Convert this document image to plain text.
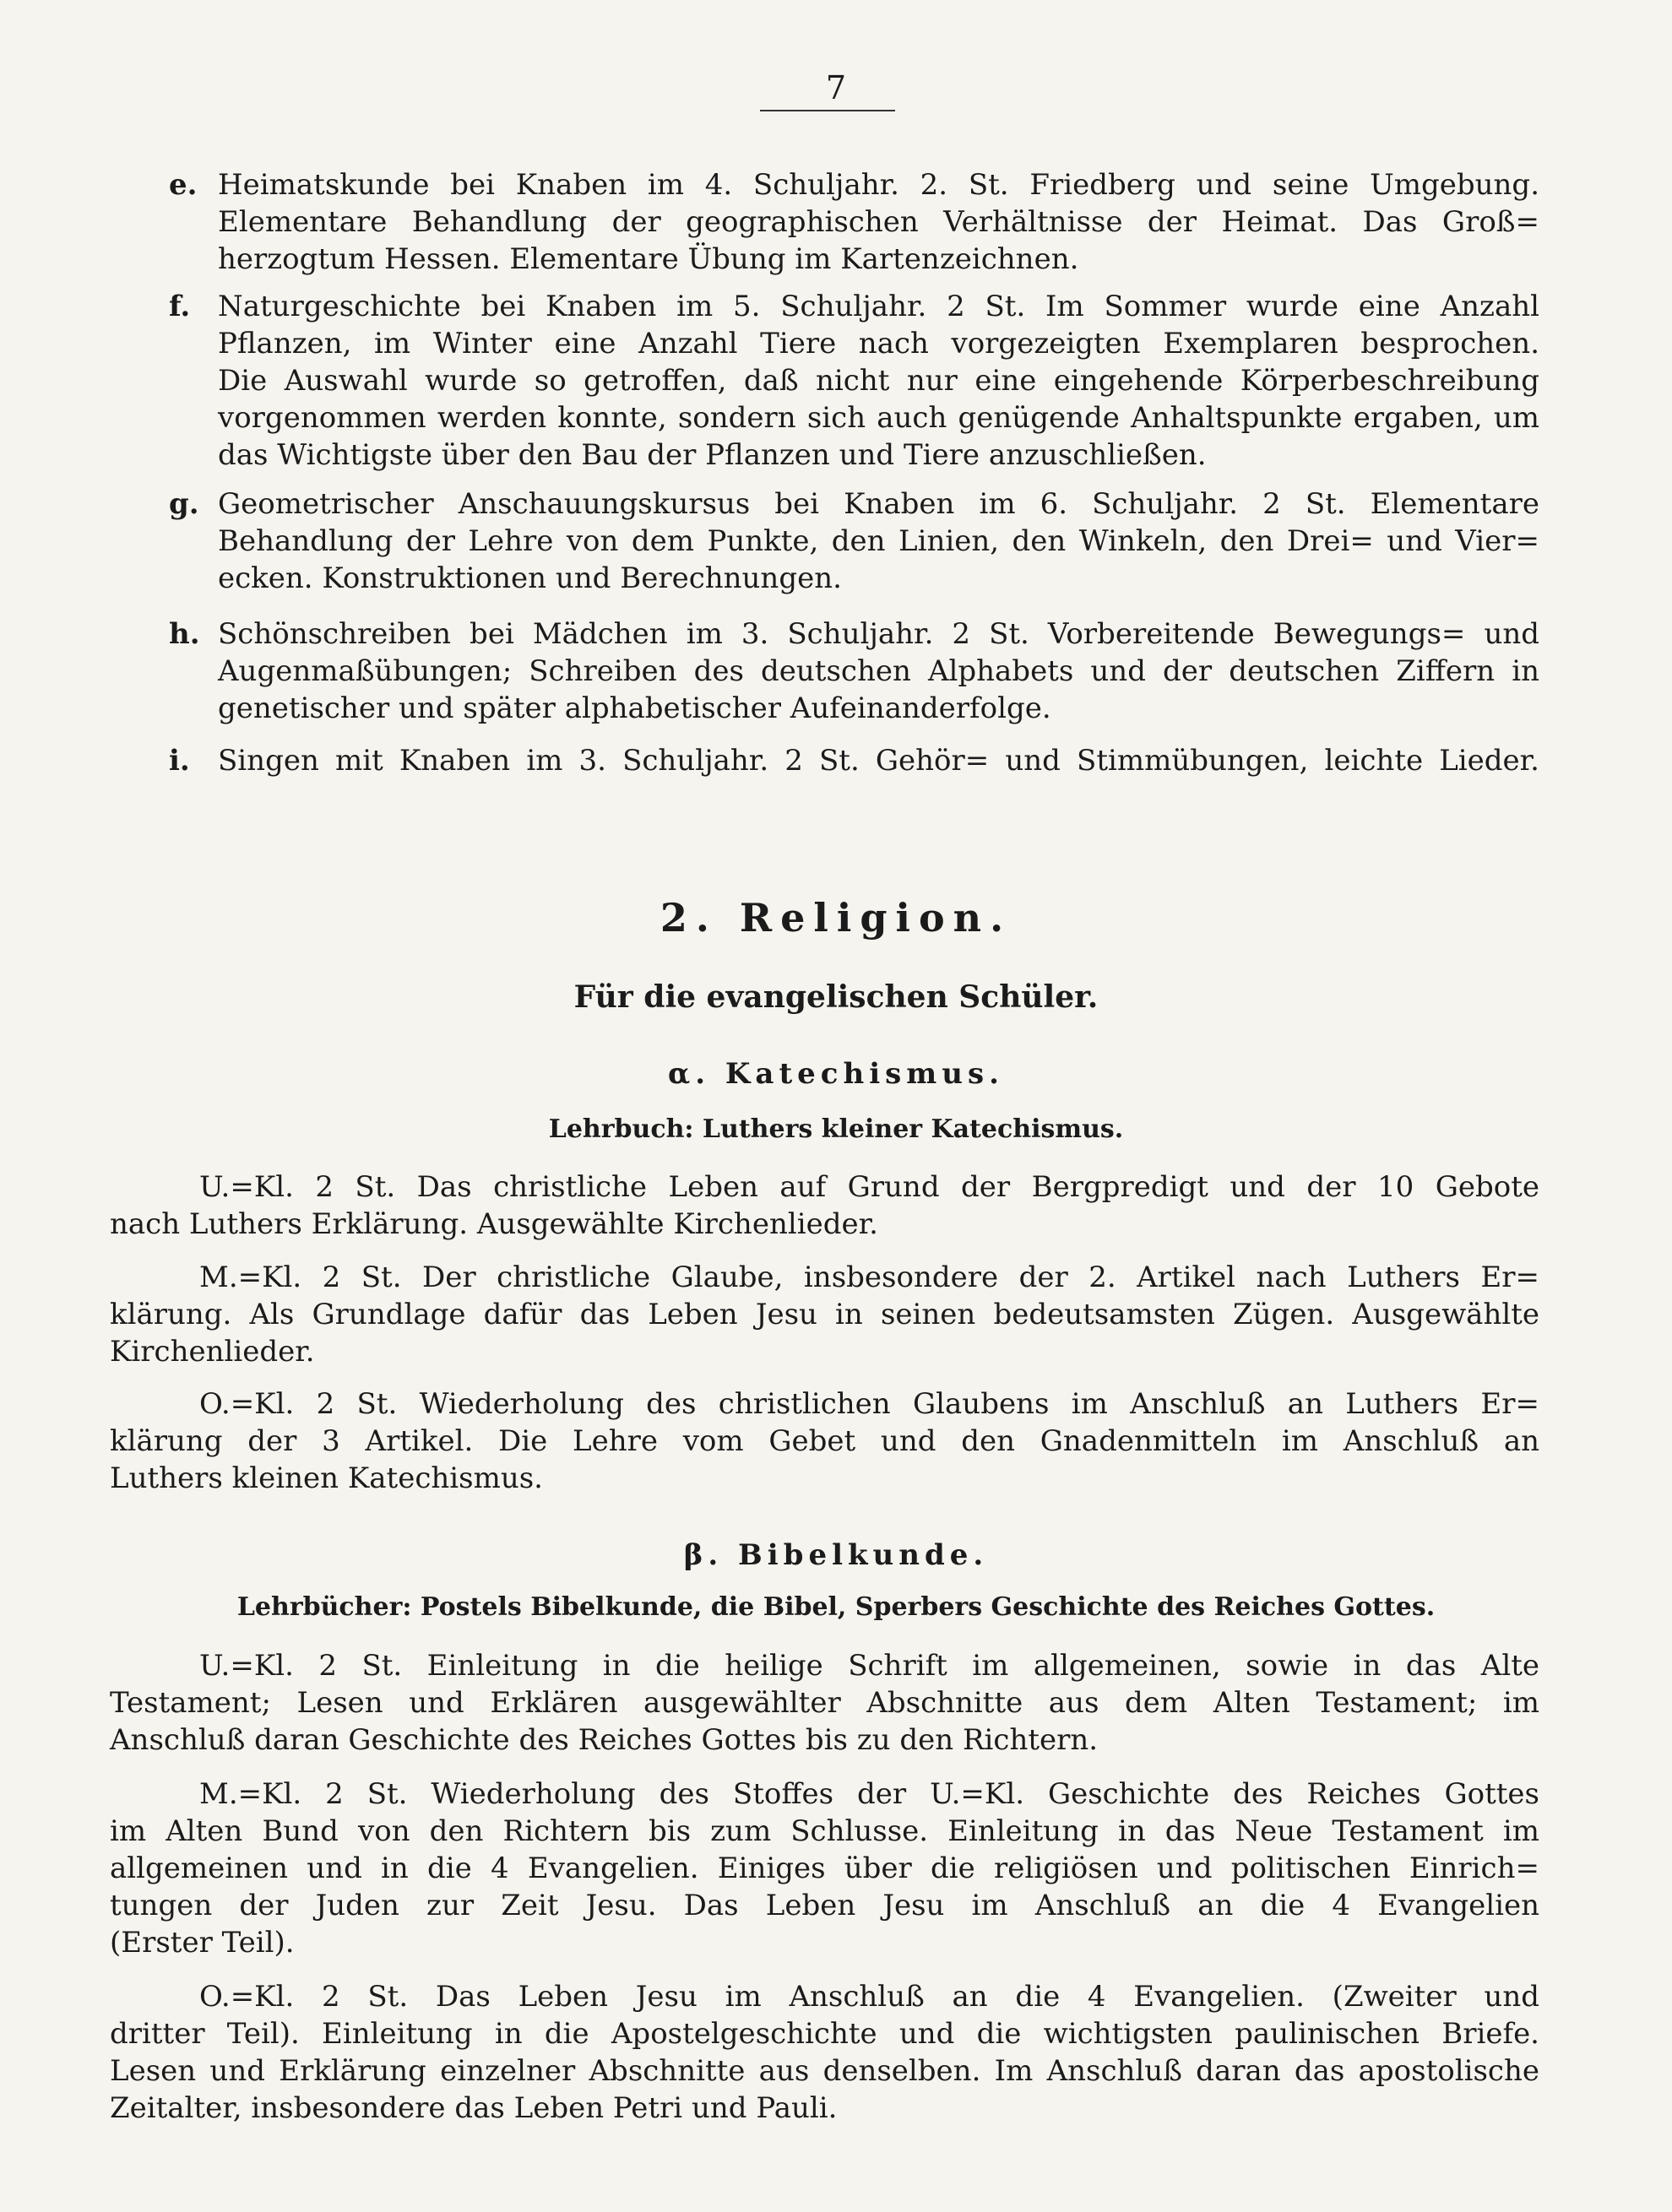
7
e. Heimatskunde bei Knaben im 4. Schuljahr. 2. St. Friedberg und seine Umgebung.
Elementare Behandlung der geographischen Verhältnisse der Heimat. Das Groß=
herzogtum Hessen. Elementare Übung im Kartenzeichnen.
f. Naturgeschichte bei Knaben im 5. Schuljahr. 2 St. Im Sommer wurde eine Anzahl
Pflanzen, im Winter eine Anzahl Tiere nach vorgezeigten Exemplaren besprochen.
Die Auswahl wurde so getroffen, daß nicht nur eine eingehende Körperbeschreibung
vorgenommen werden konnte, sondern sich auch genügende Anhaltspunkte ergaben, um
das Wichtigste über den Bau der Pflanzen und Tiere anzuschließen.
g. Geometrischer Anschauungskursus bei Knaben im 6. Schuljahr. 2 St. Elementare
Behandlung der Lehre von dem Punkte, den Linien, den Winkeln, den Drei= und Vier=
ecken. Konstruktionen und Berechnungen.
h. Schönschreiben bei Mädchen im 3. Schuljahr. 2 St. Vorbereitende Bewegungs= und
Augenmaßübungen; Schreiben des deutschen Alphabets und der deutschen Ziffern in
genetischer und später alphabetischer Aufeinanderfolge.
i. Singen mit Knaben im 3. Schuljahr. 2 St. Gehör= und Stimmübungen, leichte Lieder.
2. Religion.
Für die evangelischen Schüler.
α. Katechismus.
Lehrbuch: Luthers kleiner Katechismus.
U.=Kl. 2 St. Das christliche Leben auf Grund der Bergpredigt und der 10 Gebote
nach Luthers Erklärung. Ausgewählte Kirchenlieder.
M.=Kl. 2 St. Der christliche Glaube, insbesondere der 2. Artikel nach Luthers Er=
klärung. Als Grundlage dafür das Leben Jesu in seinen bedeutsamsten Zügen. Ausgewählte
Kirchenlieder.
O.=Kl. 2 St. Wiederholung des christlichen Glaubens im Anschluß an Luthers Er=
klärung der 3 Artikel. Die Lehre vom Gebet und den Gnadenmitteln im Anschluß an
Luthers kleinen Katechismus.
β. Bibelkunde.
Lehrbücher: Postels Bibelkunde, die Bibel, Sperbers Geschichte des Reiches Gottes.
U.=Kl. 2 St. Einleitung in die heilige Schrift im allgemeinen, sowie in das Alte
Testament; Lesen und Erklären ausgewählter Abschnitte aus dem Alten Testament; im
Anschluß daran Geschichte des Reiches Gottes bis zu den Richtern.
M.=Kl. 2 St. Wiederholung des Stoffes der U.=Kl. Geschichte des Reiches Gottes
im Alten Bund von den Richtern bis zum Schlusse. Einleitung in das Neue Testament im
allgemeinen und in die 4 Evangelien. Einiges über die religiösen und politischen Einrich=
tungen der Juden zur Zeit Jesu. Das Leben Jesu im Anschluß an die 4 Evangelien
(Erster Teil).
O.=Kl. 2 St. Das Leben Jesu im Anschluß an die 4 Evangelien. (Zweiter und
dritter Teil). Einleitung in die Apostelgeschichte und die wichtigsten paulinischen Briefe.
Lesen und Erklärung einzelner Abschnitte aus denselben. Im Anschluß daran das apostolische
Zeitalter, insbesondere das Leben Petri und Pauli.
